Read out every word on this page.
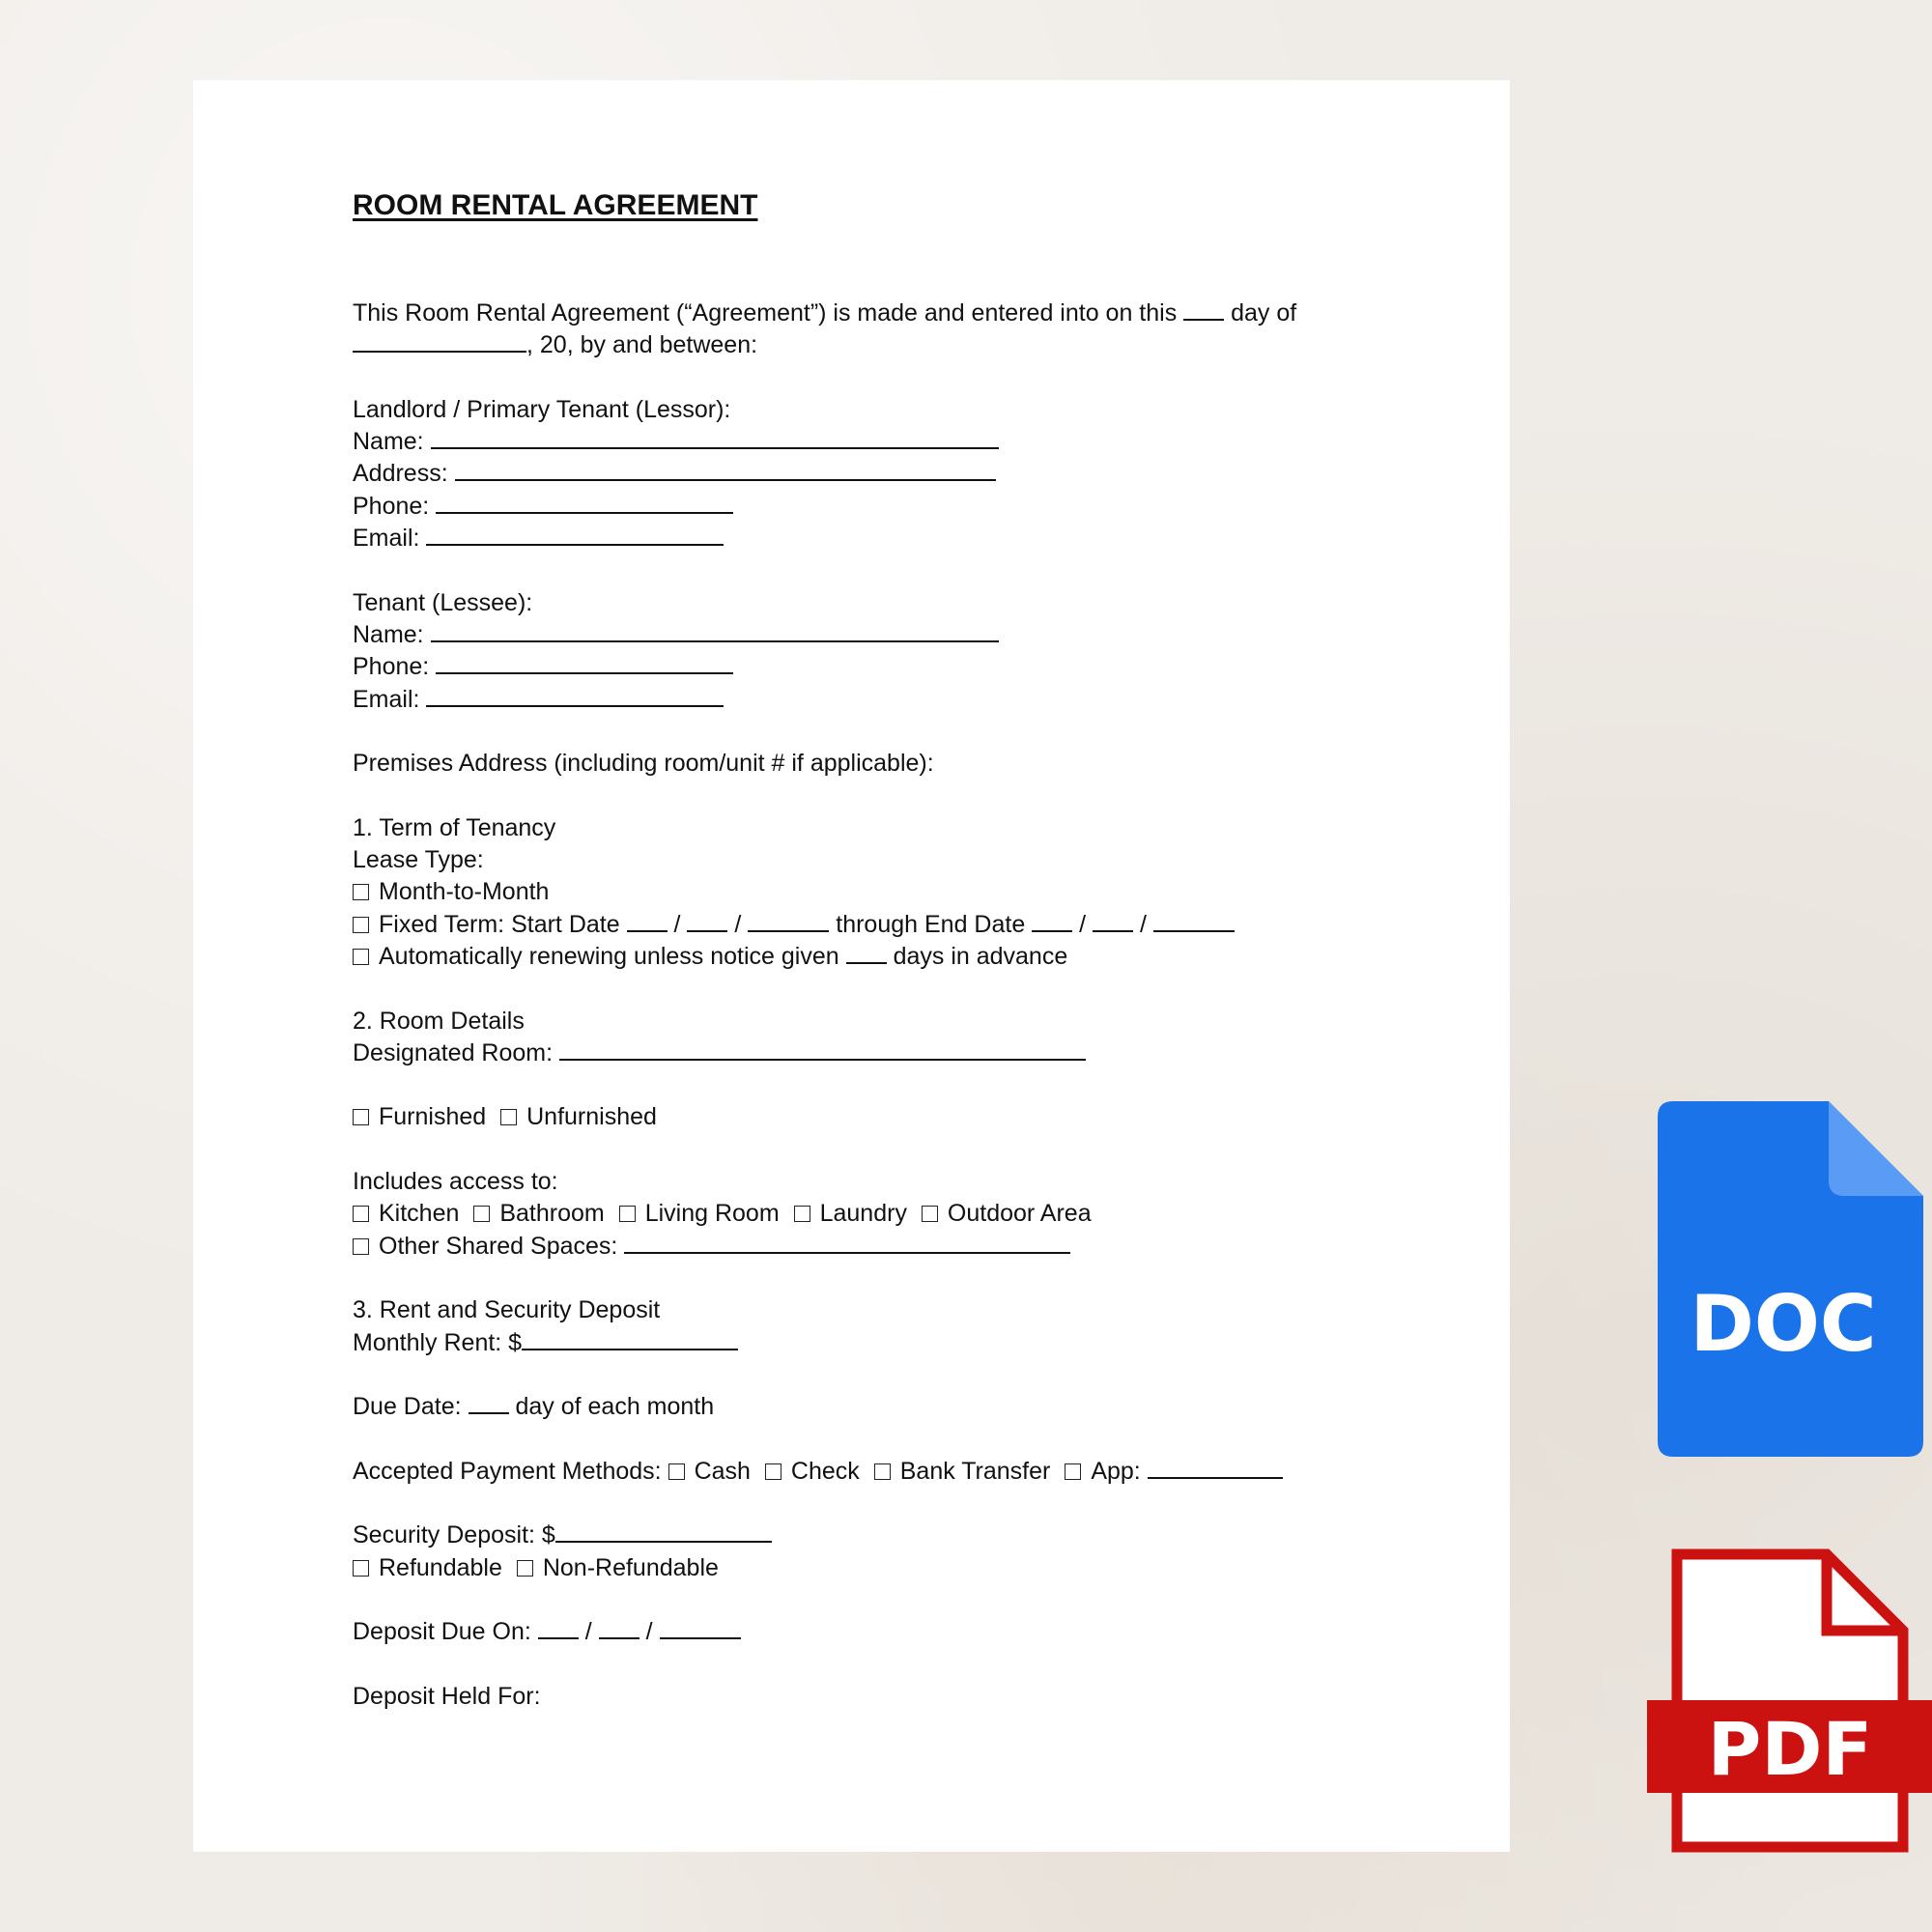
ROOM RENTAL AGREEMENT
This Room Rental Agreement (“Agreement”) is made and entered into on this day of
, 20, by and between:
Landlord / Primary Tenant (Lessor):
Name:
Address:
Phone:
Email:
Tenant (Lessee):
Name:
Phone:
Email:
Premises Address (including room/unit # if applicable):
1. Term of Tenancy
Lease Type:
Month-to-Month
Fixed Term: Start Date / /	through End Date / /
Automatically renewing unless notice given days in advance
2. Room Details
Designated Room:
Furnished Unfurnished
Includes access to:
Kitchen Bathroom Living Room Laundry Outdoor Area
Other Shared Spaces:
3. Rent and Security Deposit
Monthly Rent: $
Due Date: day of each month
Accepted Payment Methods: Cash Check Bank Transfer App:
Security Deposit: $
Refundable Non-Refundable
Deposit Due On: / /
Deposit Held For:
DOC
PDF
